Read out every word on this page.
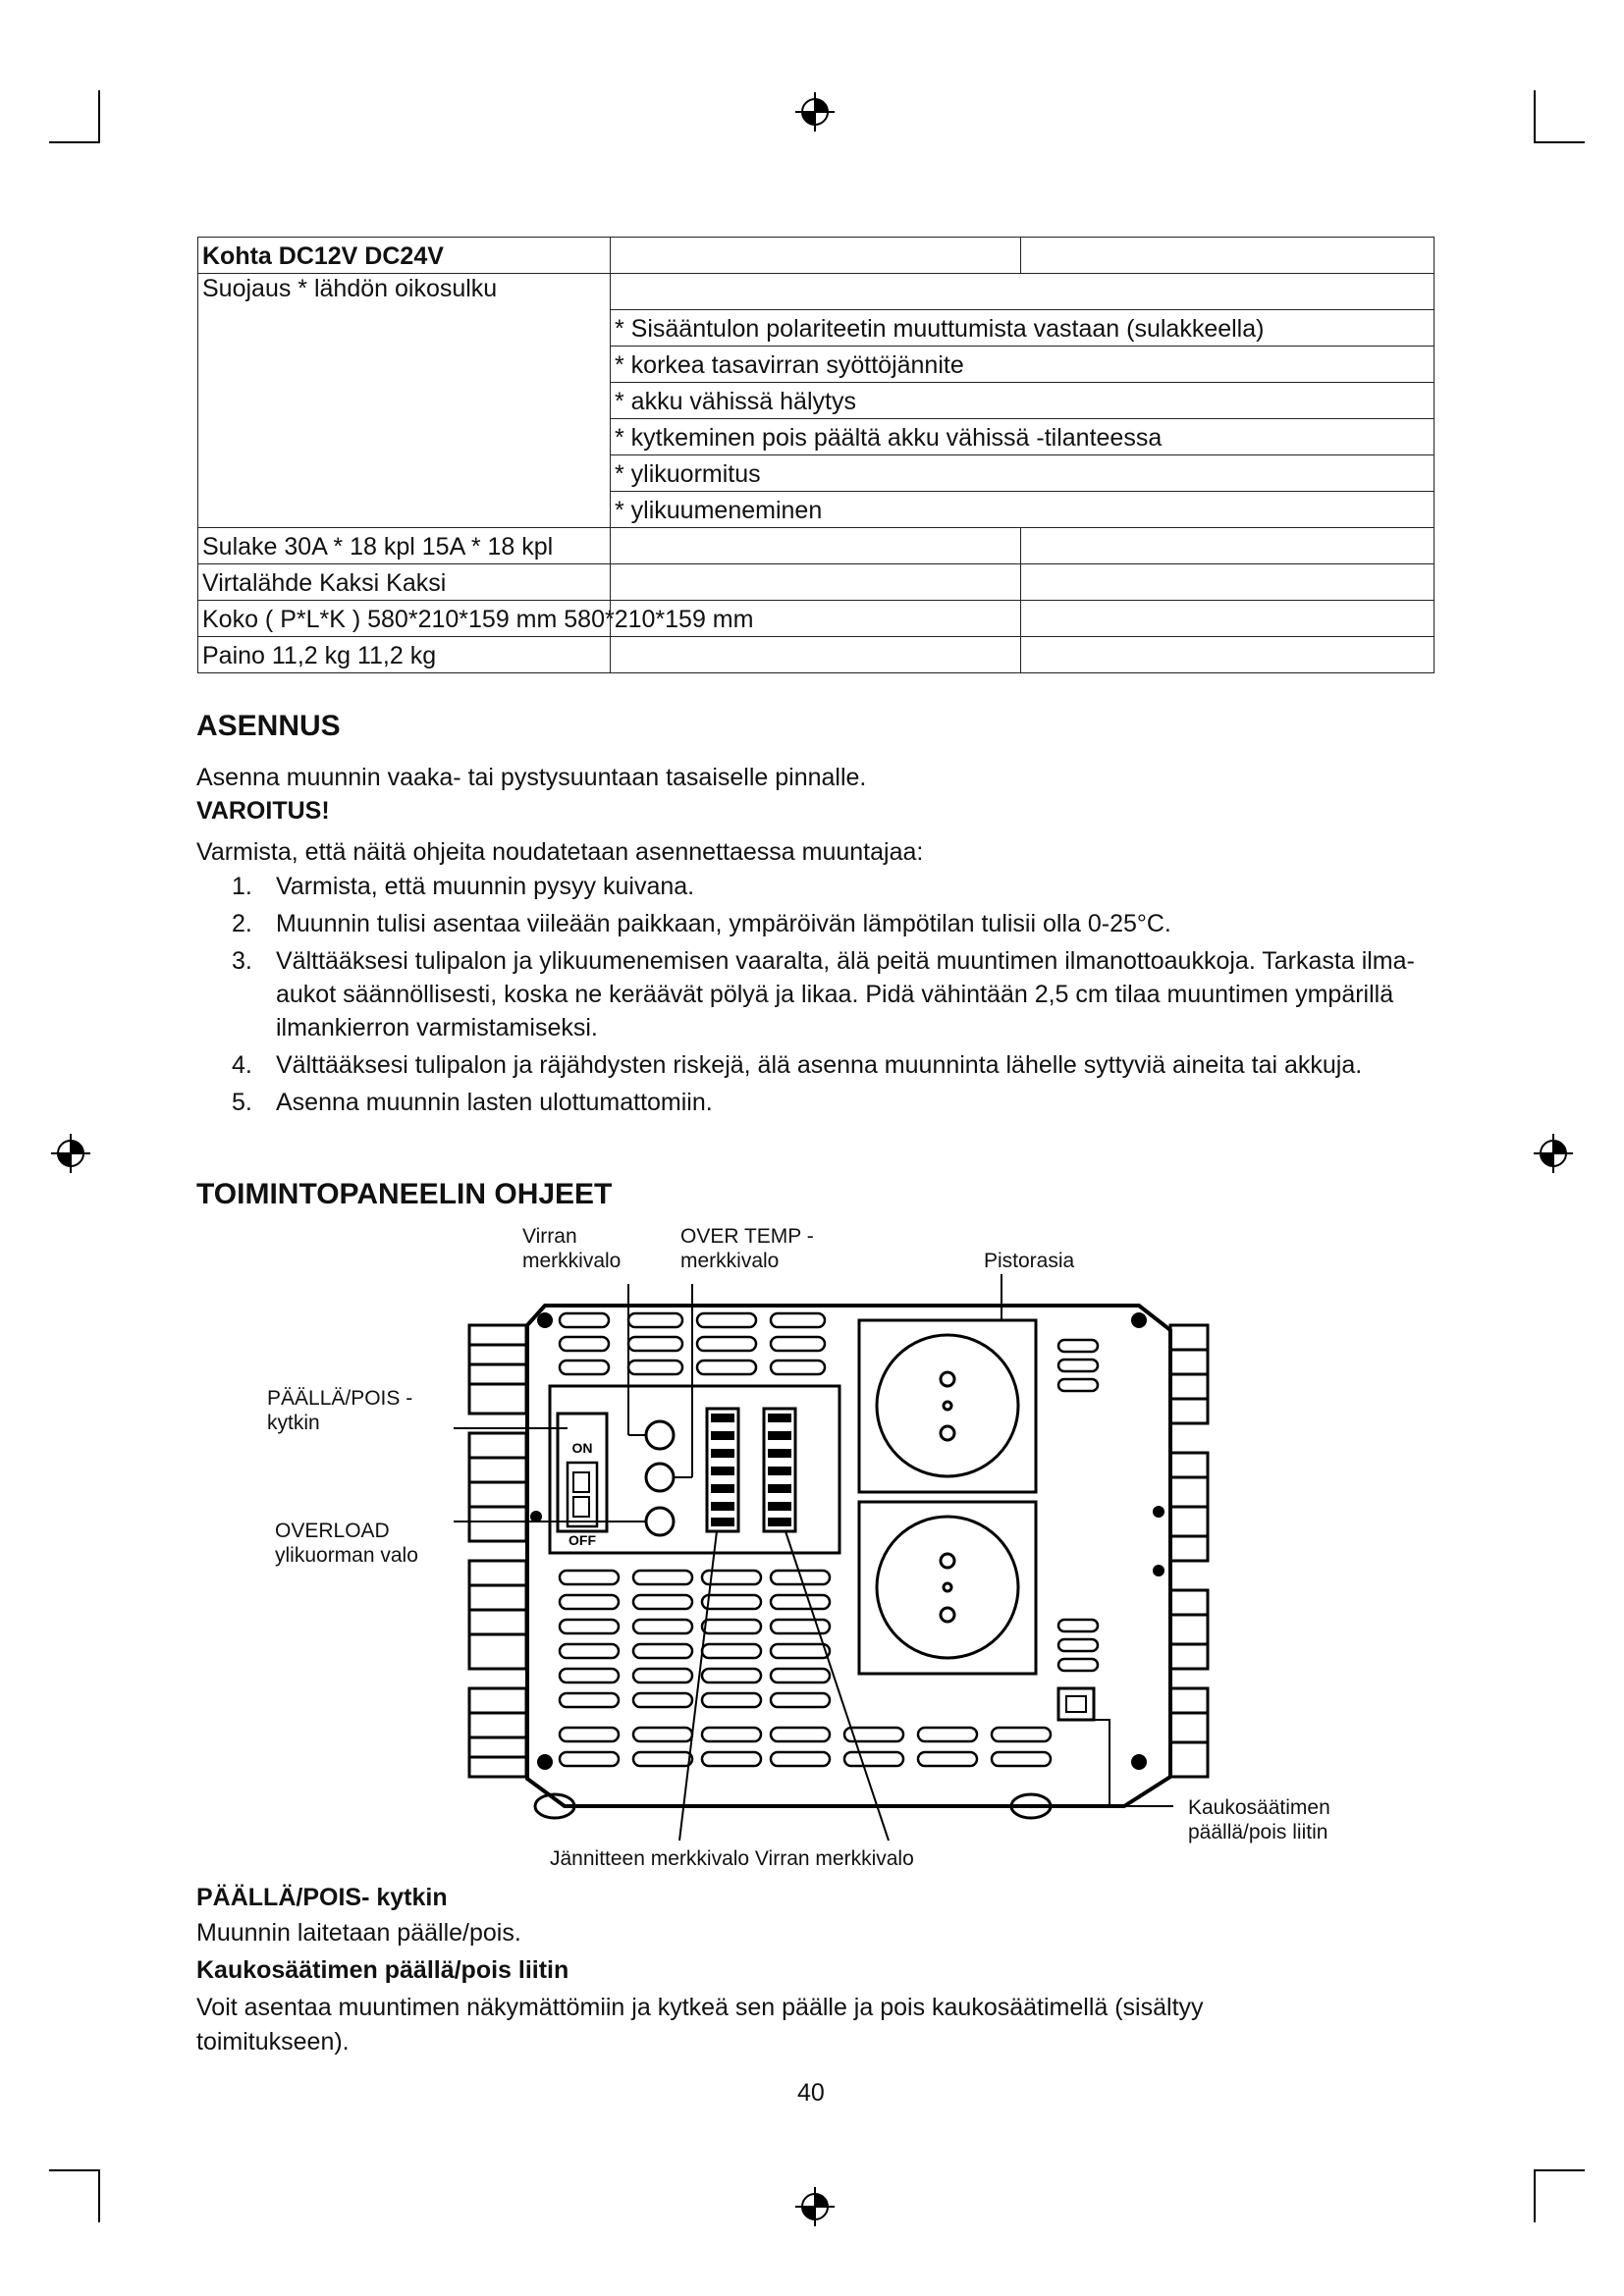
Kohta DC12V DC24V		
Suojaus * lähdön oikosulku		
	* Sisääntulon polariteetin muuttumista vastaan (sulakkeella)	
	* korkea tasavirran syöttöjännite	
	* akku vähissä hälytys	
	* kytkeminen pois päältä akku vähissä -tilanteessa	
	* ylikuormitus	
	* ylikuumeneminen	
Sulake 30A * 18 kpl 15A * 18 kpl		
Virtalähde Kaksi Kaksi		
Koko ( P*L*K ) 580*210*159 mm 580*210*159 mm		
Paino 11,2 kg 11,2 kg		
ASENNUS
Asenna muunnin vaaka- tai pystysuuntaan tasaiselle pinnalle.
VAROITUS!
Varmista, että näitä ohjeita noudatetaan asennettaessa muuntajaa:
1. Varmista, että muunnin pysyy kuivana.
2. Muunnin tulisi asentaa viileään paikkaan, ympäröivän lämpötilan tulisii olla 0-25°C.
3. Välttääksesi tulipalon ja ylikuumenemisen vaaralta, älä peitä muuntimen ilmanottoaukkoja. Tarkasta ilma-aukot säännöllisesti, koska ne keräävät pölyä ja likaa. Pidä vähintään 2,5 cm tilaa muuntimen ympärillä ilmankierron varmistamiseksi.
4. Välttääksesi tulipalon ja räjähdysten riskejä, älä asenna muunninta lähelle syttyviä aineita tai akkuja.
5. Asenna muunnin lasten ulottumattomiin.
TOIMINTOPANEELIN OHJEET
Virran
merkkivalo
OVER TEMP -
merkkivalo	Pistorasia
PÄÄLLÄ/POIS -
kytkin
OVERLOAD
ylikuorman valo
Jännitteen merkkivalo Virran merkkivalo
Kaukosäätimen
päällä/pois liitin
ON
OFF
PÄÄLLÄ/POIS- kytkin
Muunnin laitetaan päälle/pois.
Kaukosäätimen päällä/pois liitin
Voit asentaa muuntimen näkymättömiin ja kytkeä sen päälle ja pois kaukosäätimellä (sisältyy
toimitukseen).
40
